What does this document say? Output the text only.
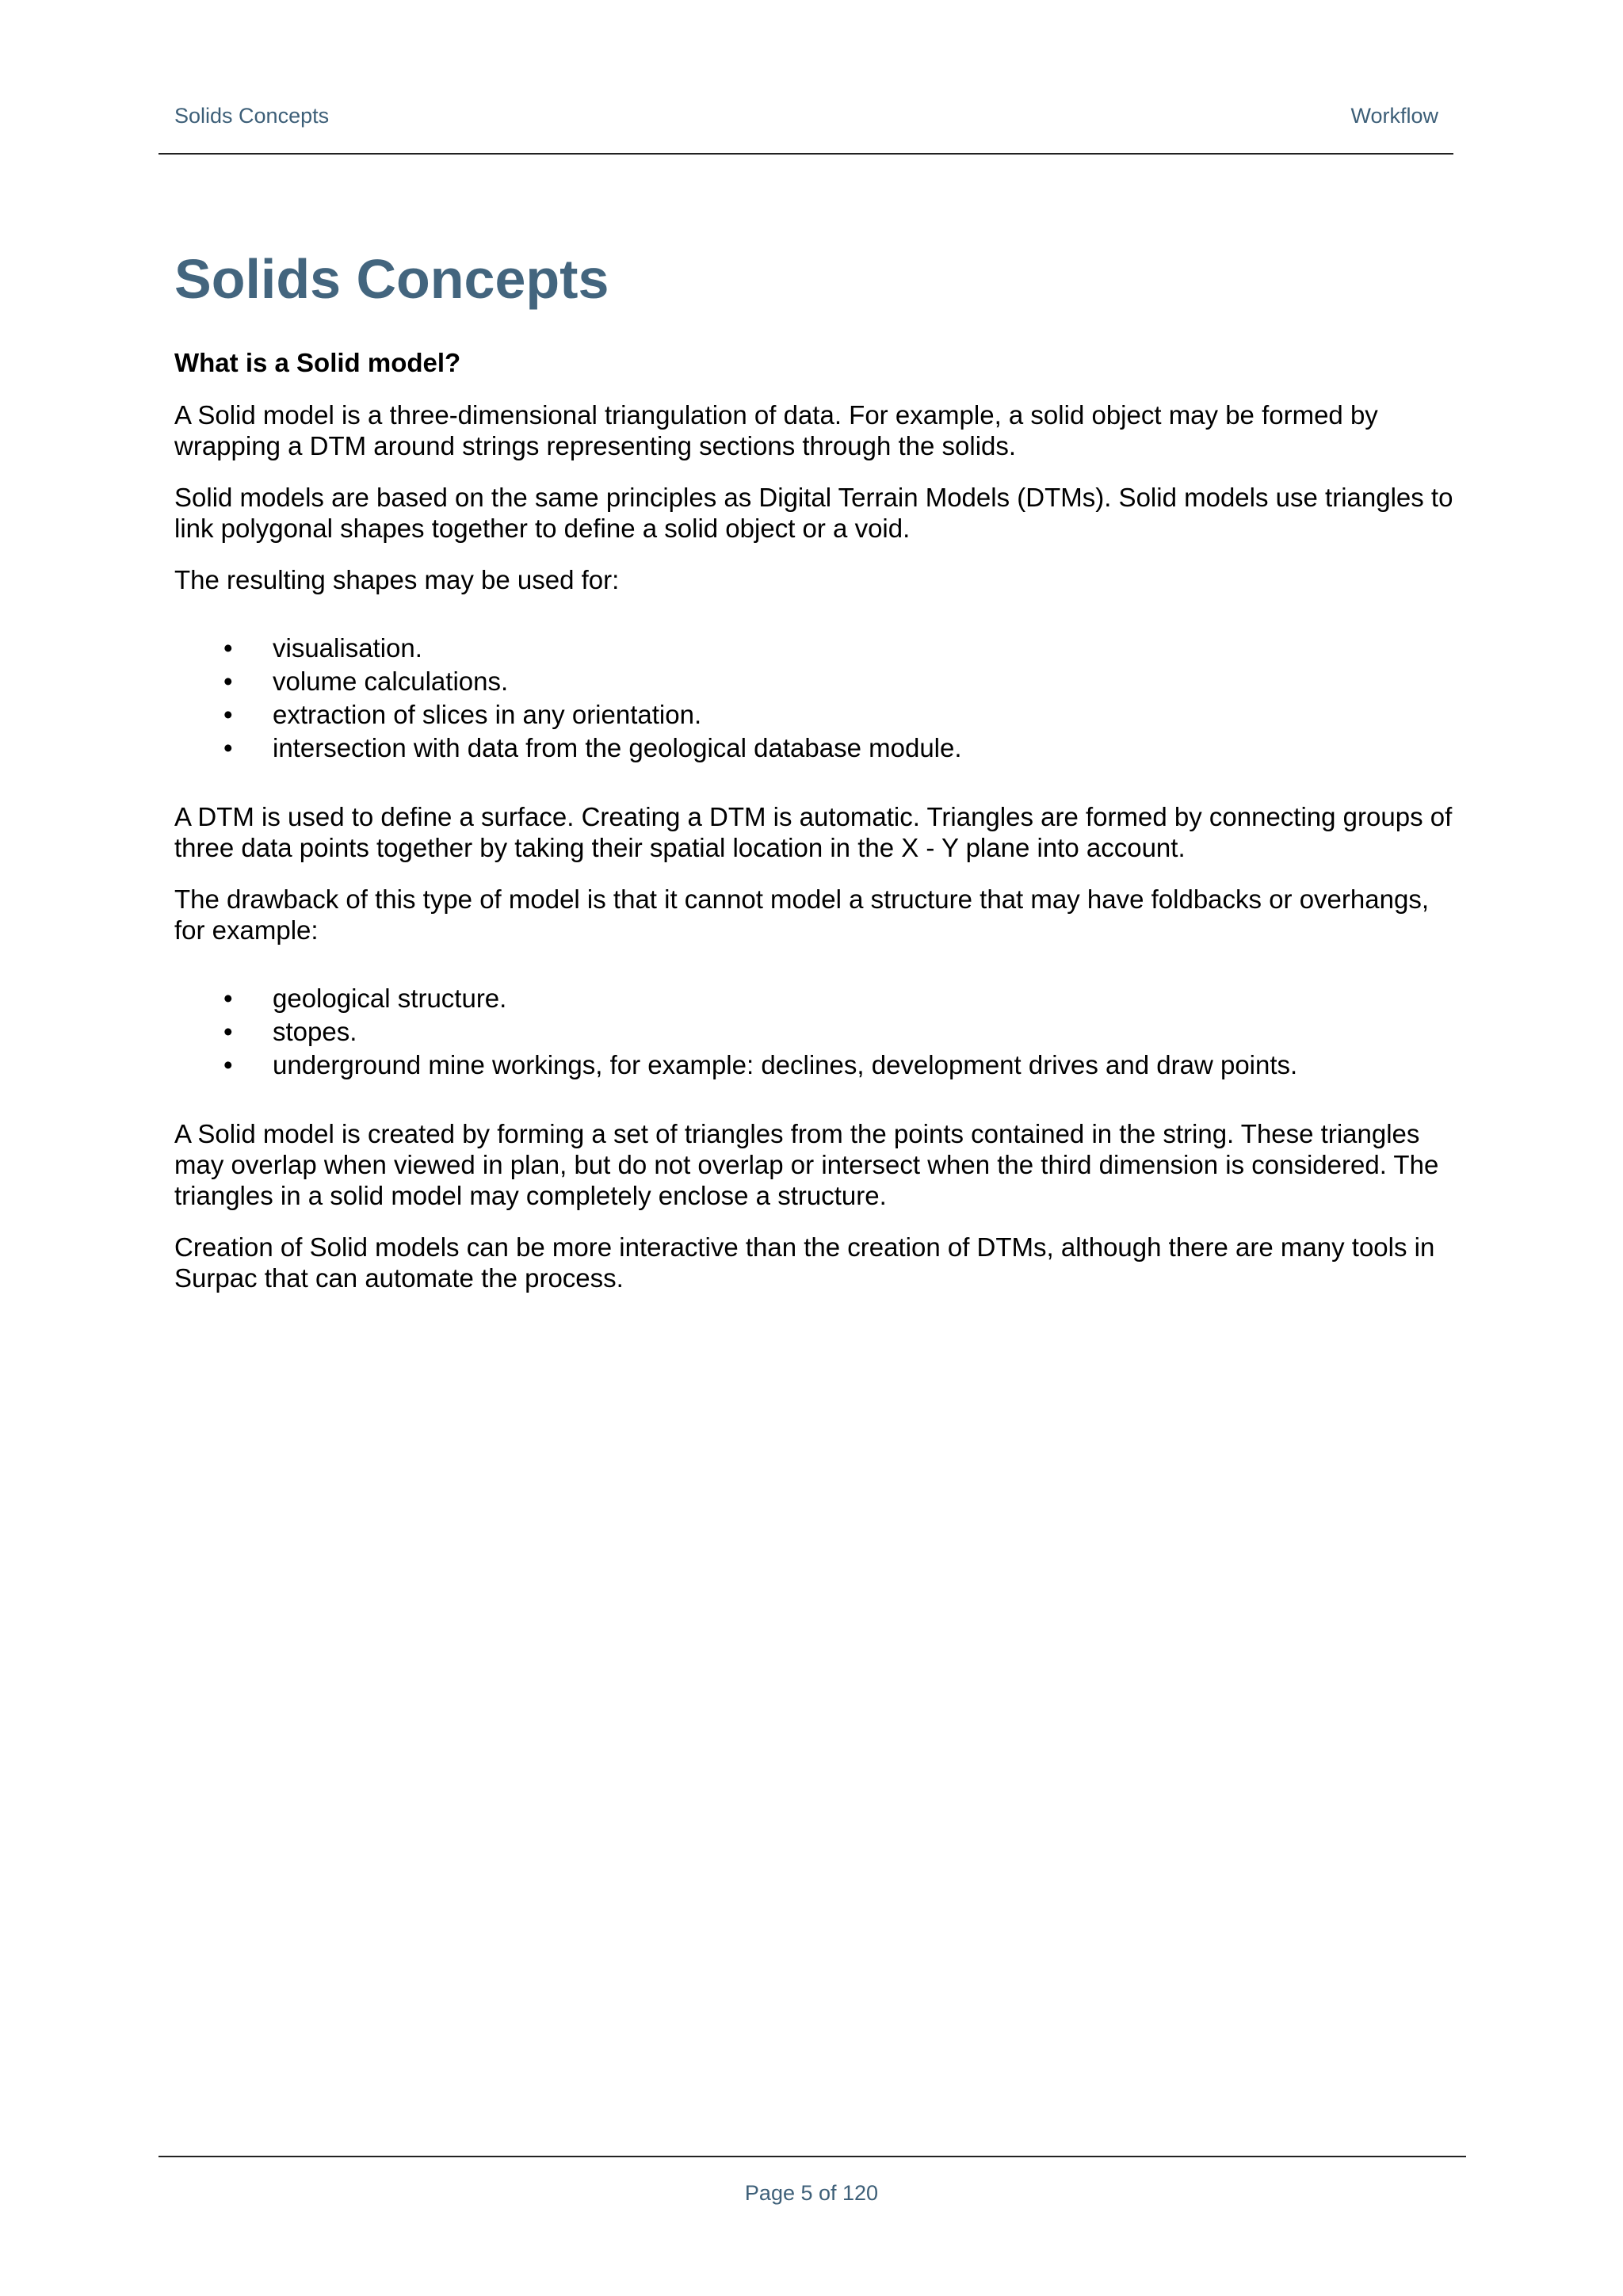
Solids Concepts	Workflow
Solids Concepts
What is a Solid model?

A Solid model is a three-dimensional triangulation of data. For example, a solid object may be formed by wrapping a DTM around strings representing sections through the solids.

Solid models are based on the same principles as Digital Terrain Models (DTMs). Solid models use triangles to link polygonal shapes together to define a solid object or a void.

The resulting shapes may be used for:

• visualisation.
• volume calculations.
• extraction of slices in any orientation.
• intersection with data from the geological database module.

A DTM is used to define a surface. Creating a DTM is automatic. Triangles are formed by connecting groups of three data points together by taking their spatial location in the X - Y plane into account.

The drawback of this type of model is that it cannot model a structure that may have foldbacks or overhangs, for example:

• geological structure.
• stopes.
• underground mine workings, for example: declines, development drives and draw points.

A Solid model is created by forming a set of triangles from the points contained in the string. These triangles may overlap when viewed in plan, but do not overlap or intersect when the third dimension is considered. The triangles in a solid model may completely enclose a structure.

Creation of Solid models can be more interactive than the creation of DTMs, although there are many tools in Surpac that can automate the process.

Page 5 of 120
